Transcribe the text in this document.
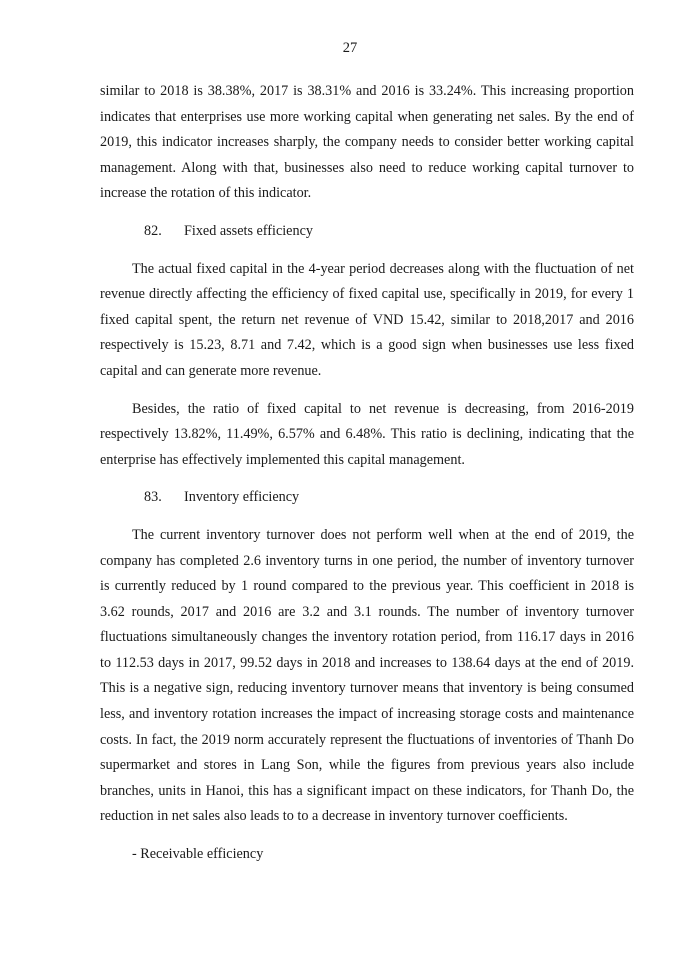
27

similar to 2018 is 38.38%, 2017 is 38.31% and 2016 is 33.24%. This increasing proportion indicates that enterprises use more working capital when generating net sales. By the end of 2019, this indicator increases sharply, the company needs to consider better working capital management. Along with that, businesses also need to reduce working capital turnover to increase the rotation of this indicator.

82.	Fixed assets efficiency

The actual fixed capital in the 4-year period decreases along with the fluctuation of net revenue directly affecting the efficiency of fixed capital use, specifically in 2019, for every 1 fixed capital spent, the return net revenue of VND 15.42, similar to 2018,2017 and 2016 respectively is 15.23, 8.71 and 7.42, which is a good sign when businesses use less fixed capital and can generate more revenue.

Besides, the ratio of fixed capital to net revenue is decreasing, from 2016-2019 respectively 13.82%, 11.49%, 6.57% and 6.48%. This ratio is declining, indicating that the enterprise has effectively implemented this capital management.

83.	Inventory efficiency

The current inventory turnover does not perform well when at the end of 2019, the company has completed 2.6 inventory turns in one period, the number of inventory turnover is currently reduced by 1 round compared to the previous year. This coefficient in 2018 is 3.62 rounds, 2017 and 2016 are 3.2 and 3.1 rounds. The number of inventory turnover fluctuations simultaneously changes the inventory rotation period, from 116.17 days in 2016 to 112.53 days in 2017, 99.52 days in 2018 and increases to 138.64 days at the end of 2019. This is a negative sign, reducing inventory turnover means that inventory is being consumed less, and inventory rotation increases the impact of increasing storage costs and maintenance costs. In fact, the 2019 norm accurately represent the fluctuations of inventories of Thanh Do supermarket and stores in Lang Son, while the figures from previous years also include branches, units in Hanoi, this has a significant impact on these indicators, for Thanh Do, the reduction in net sales also leads to to a decrease in inventory turnover coefficients.

- Receivable efficiency
